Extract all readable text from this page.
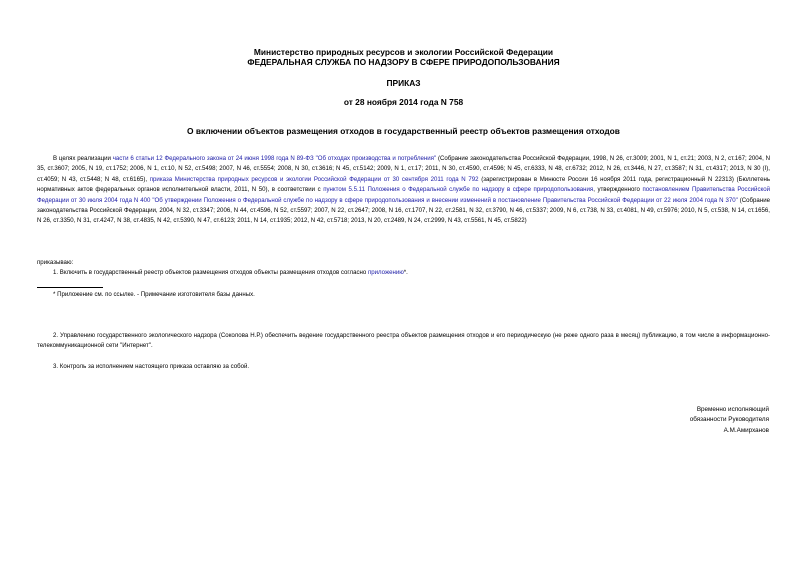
Министерство природных ресурсов и экологии Российской Федерации
ФЕДЕРАЛЬНАЯ СЛУЖБА ПО НАДЗОРУ В СФЕРЕ ПРИРОДОПОЛЬЗОВАНИЯ
ПРИКАЗ
от 28 ноября 2014 года N 758
О включении объектов размещения отходов в государственный реестр объектов размещения отходов
В целях реализации части 6 статьи 12 Федерального закона от 24 июня 1998 года N 89-ФЗ "Об отходах производства и потребления" (Собрание законодательства Российской Федерации, 1998, N 26, ст.3009; 2001, N 1, ст.21; 2003, N 2, ст.167; 2004, N 35, ст.3607; 2005, N 19, ст.1752; 2006, N 1, ст.10, N 52, ст.5498; 2007, N 46, ст.5554; 2008, N 30, ст.3616; N 45, ст.5142; 2009, N 1, ст.17; 2011, N 30, ст.4590, ст.4596; N 45, ст.6333, N 48, ст.6732; 2012, N 26, ст.3446, N 27, ст.3587; N 31, ст.4317; 2013, N 30 (I), ст.4059; N 43, ст.5448; N 48, ст.6165), приказа Министерства природных ресурсов и экологии Российской Федерации от 30 сентября 2011 года N 792 (зарегистрирован в Минюсте России 16 ноября 2011 года, регистрационный N 22313) (Бюллетень нормативных актов федеральных органов исполнительной власти, 2011, N 50), в соответствии с пунктом 5.5.11 Положения о Федеральной службе по надзору в сфере природопользования, утвержденного постановлением Правительства Российской Федерации от 30 июля 2004 года N 400 "Об утверждении Положения о Федеральной службе по надзору в сфере природопользования и внесении изменений в постановление Правительства Российской Федерации от 22 июля 2004 года N 370" (Собрание законодательства Российской Федерации, 2004, N 32, ст.3347; 2006, N 44, ст.4596, N 52, ст.5597; 2007, N 22, ст.2647; 2008, N 16, ст.1707, N 22, ст.2581, N 32, ст.3790, N 46, ст.5337; 2009, N 6, ст.738, N 33, ст.4081, N 49, ст.5976; 2010, N 5, ст.538, N 14, ст.1656, N 26, ст.3350, N 31, ст.4247, N 38, ст.4835, N 42, ст.5390, N 47, ст.6123; 2011, N 14, ст.1935; 2012, N 42, ст.5718; 2013, N 20, ст.2489, N 24, ст.2999, N 43, ст.5561, N 45, ст.5822)
приказываю:
1. Включить в государственный реестр объектов размещения отходов объекты размещения отходов согласно приложению*.
* Приложение см. по ссылке. - Примечание изготовителя базы данных.
2. Управлению государственного экологического надзора (Соколова Н.Р.) обеспечить ведение государственного реестра объектов размещения отходов и его периодическую (не реже одного раза в месяц) публикацию, в том числе в информационно-телекоммуникационной сети "Интернет".
3. Контроль за исполнением настоящего приказа оставляю за собой.
Временно исполняющий
обязанности Руководителя
А.М.Амирханов
